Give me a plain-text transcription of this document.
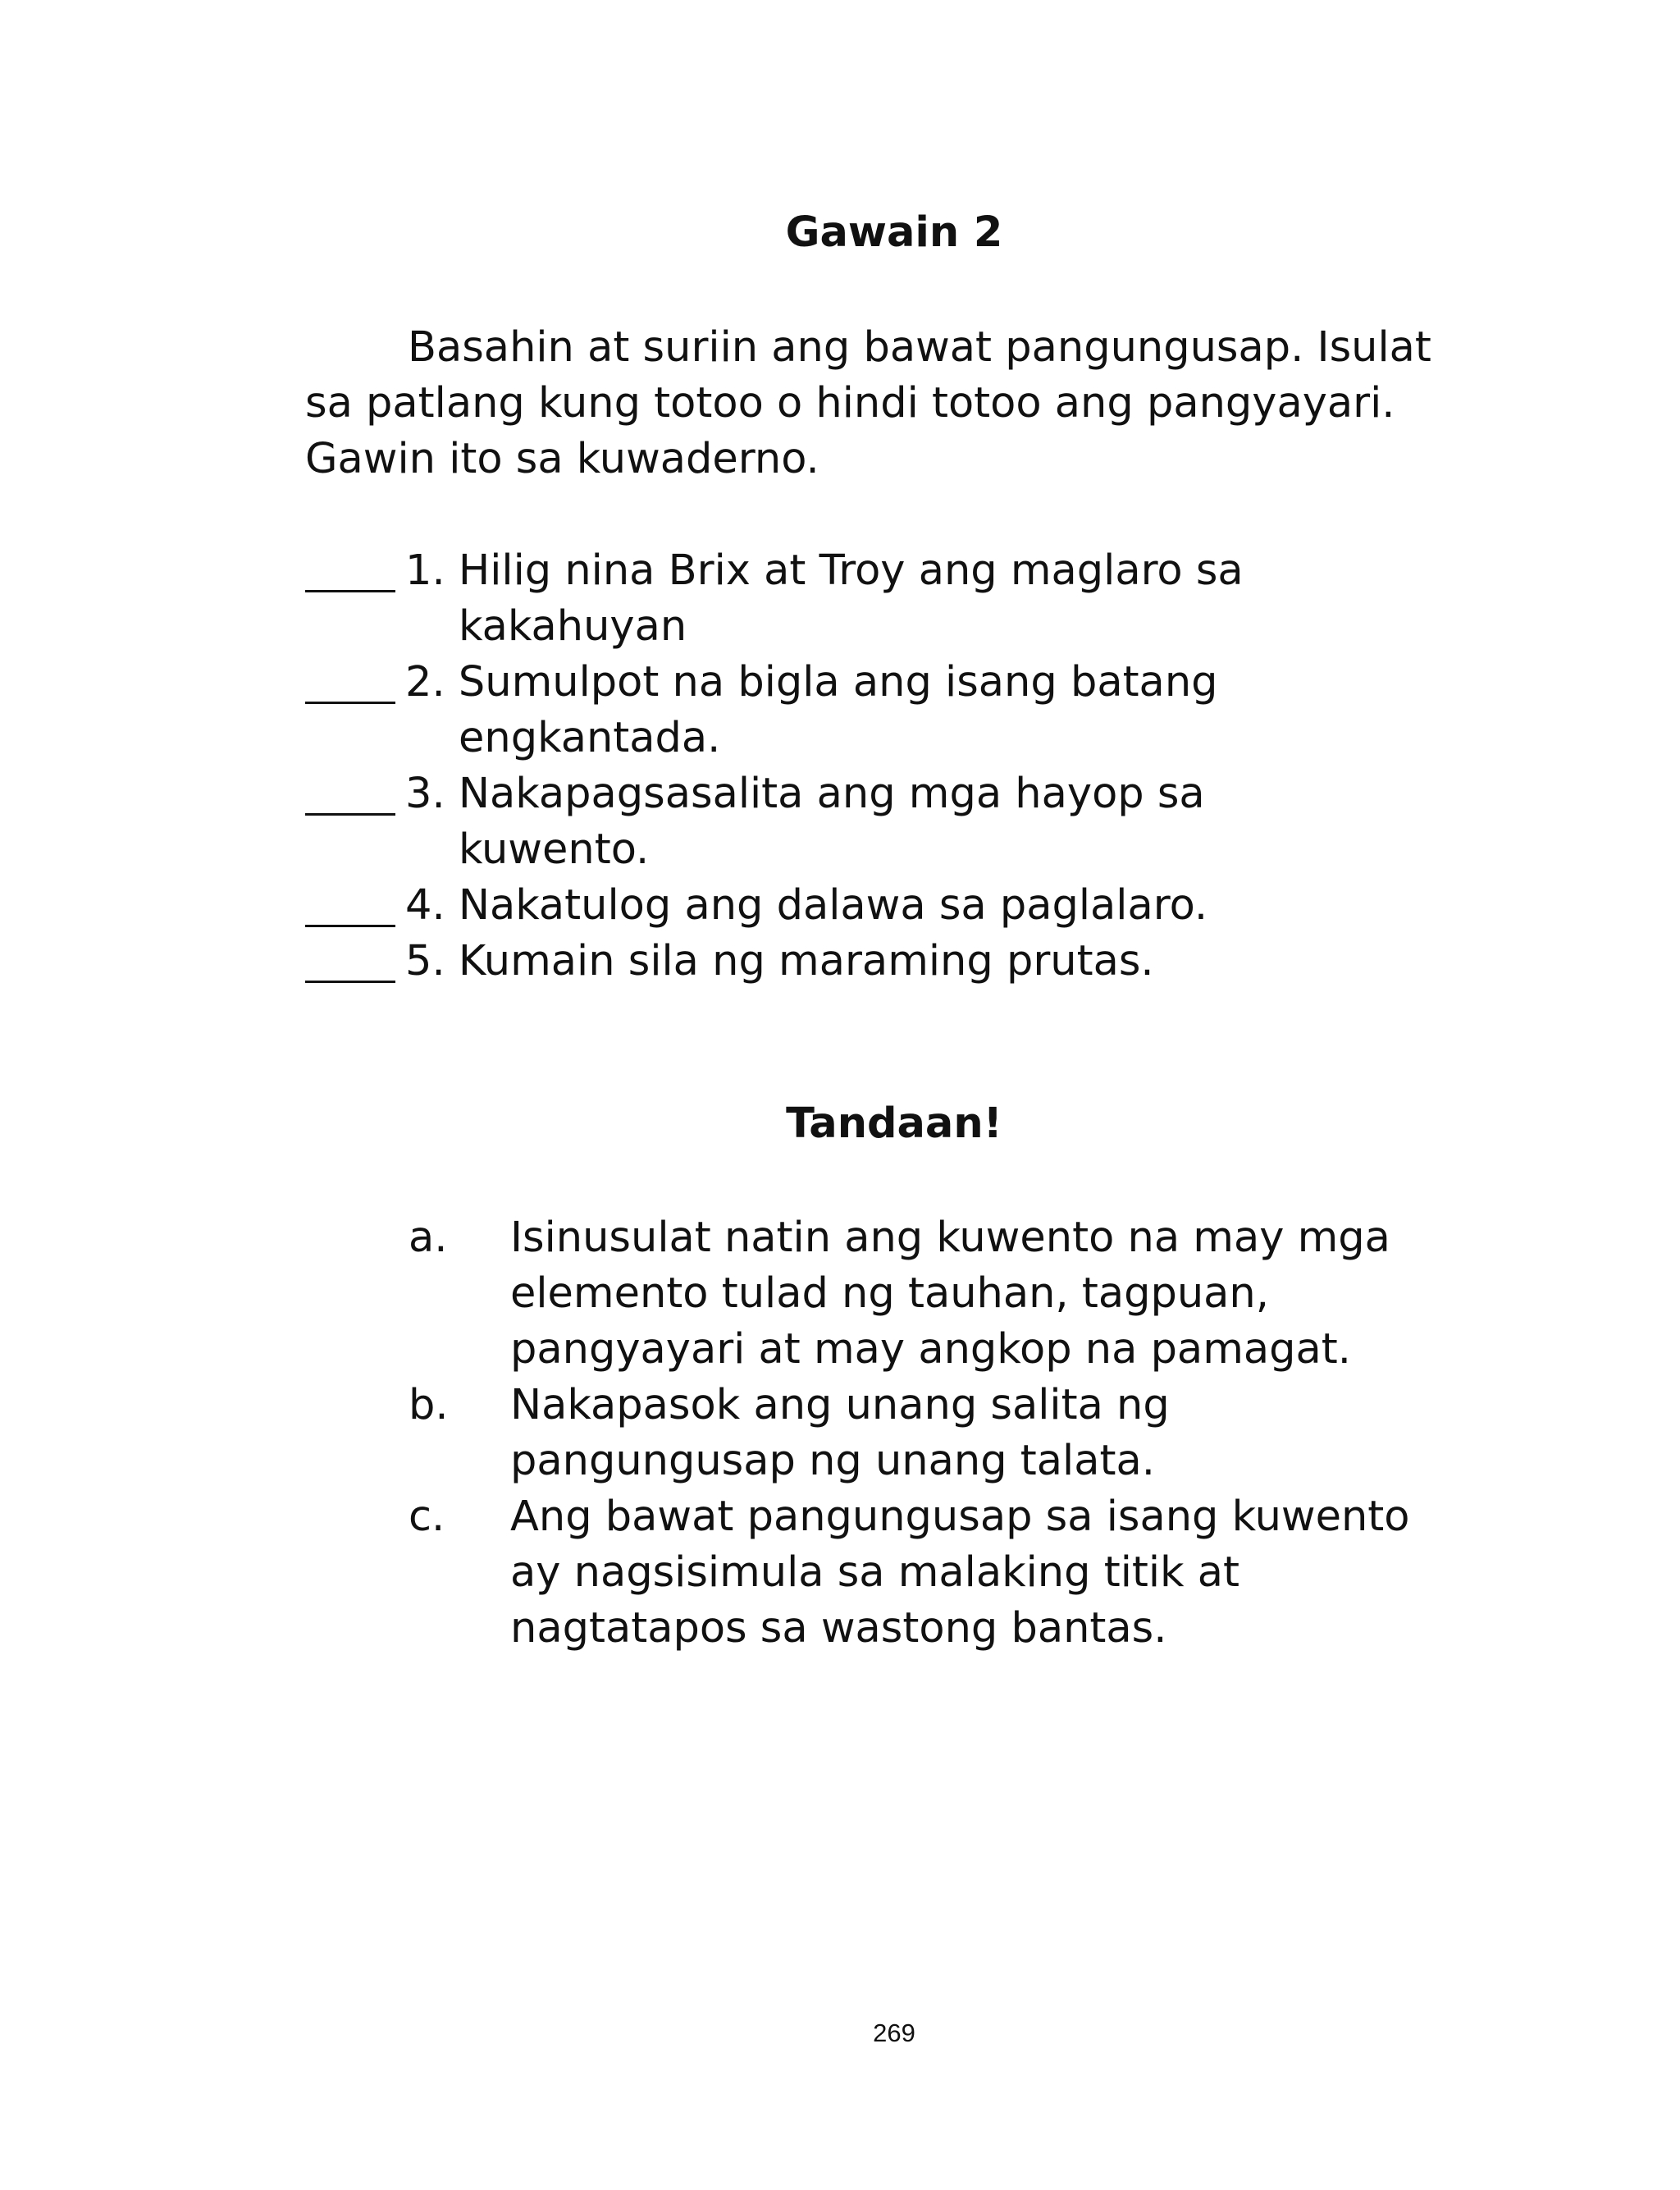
Gawain 2

Basahin at suriin ang bawat pangungusap. Isulat
sa patlang kung totoo o hindi totoo ang pangyayari.
Gawin ito sa kuwaderno.

1. Hilig nina Brix at Troy ang maglaro sa
kakahuyan
2. Sumulpot na bigla ang isang batang
engkantada.
3. Nakapagsasalita ang mga hayop sa
kuwento.
4. Nakatulog ang dalawa sa paglalaro.
5. Kumain sila ng maraming prutas.
Tandaan!
a. Isinusulat natin ang kuwento na may mga
elemento tulad ng tauhan, tagpuan,
pangyayari at may angkop na pamagat.
b. Nakapasok ang unang salita ng
pangungusap ng unang talata.
c. Ang bawat pangungusap sa isang kuwento
ay nagsisimula sa malaking titik at
nagtatapos sa wastong bantas.
269
